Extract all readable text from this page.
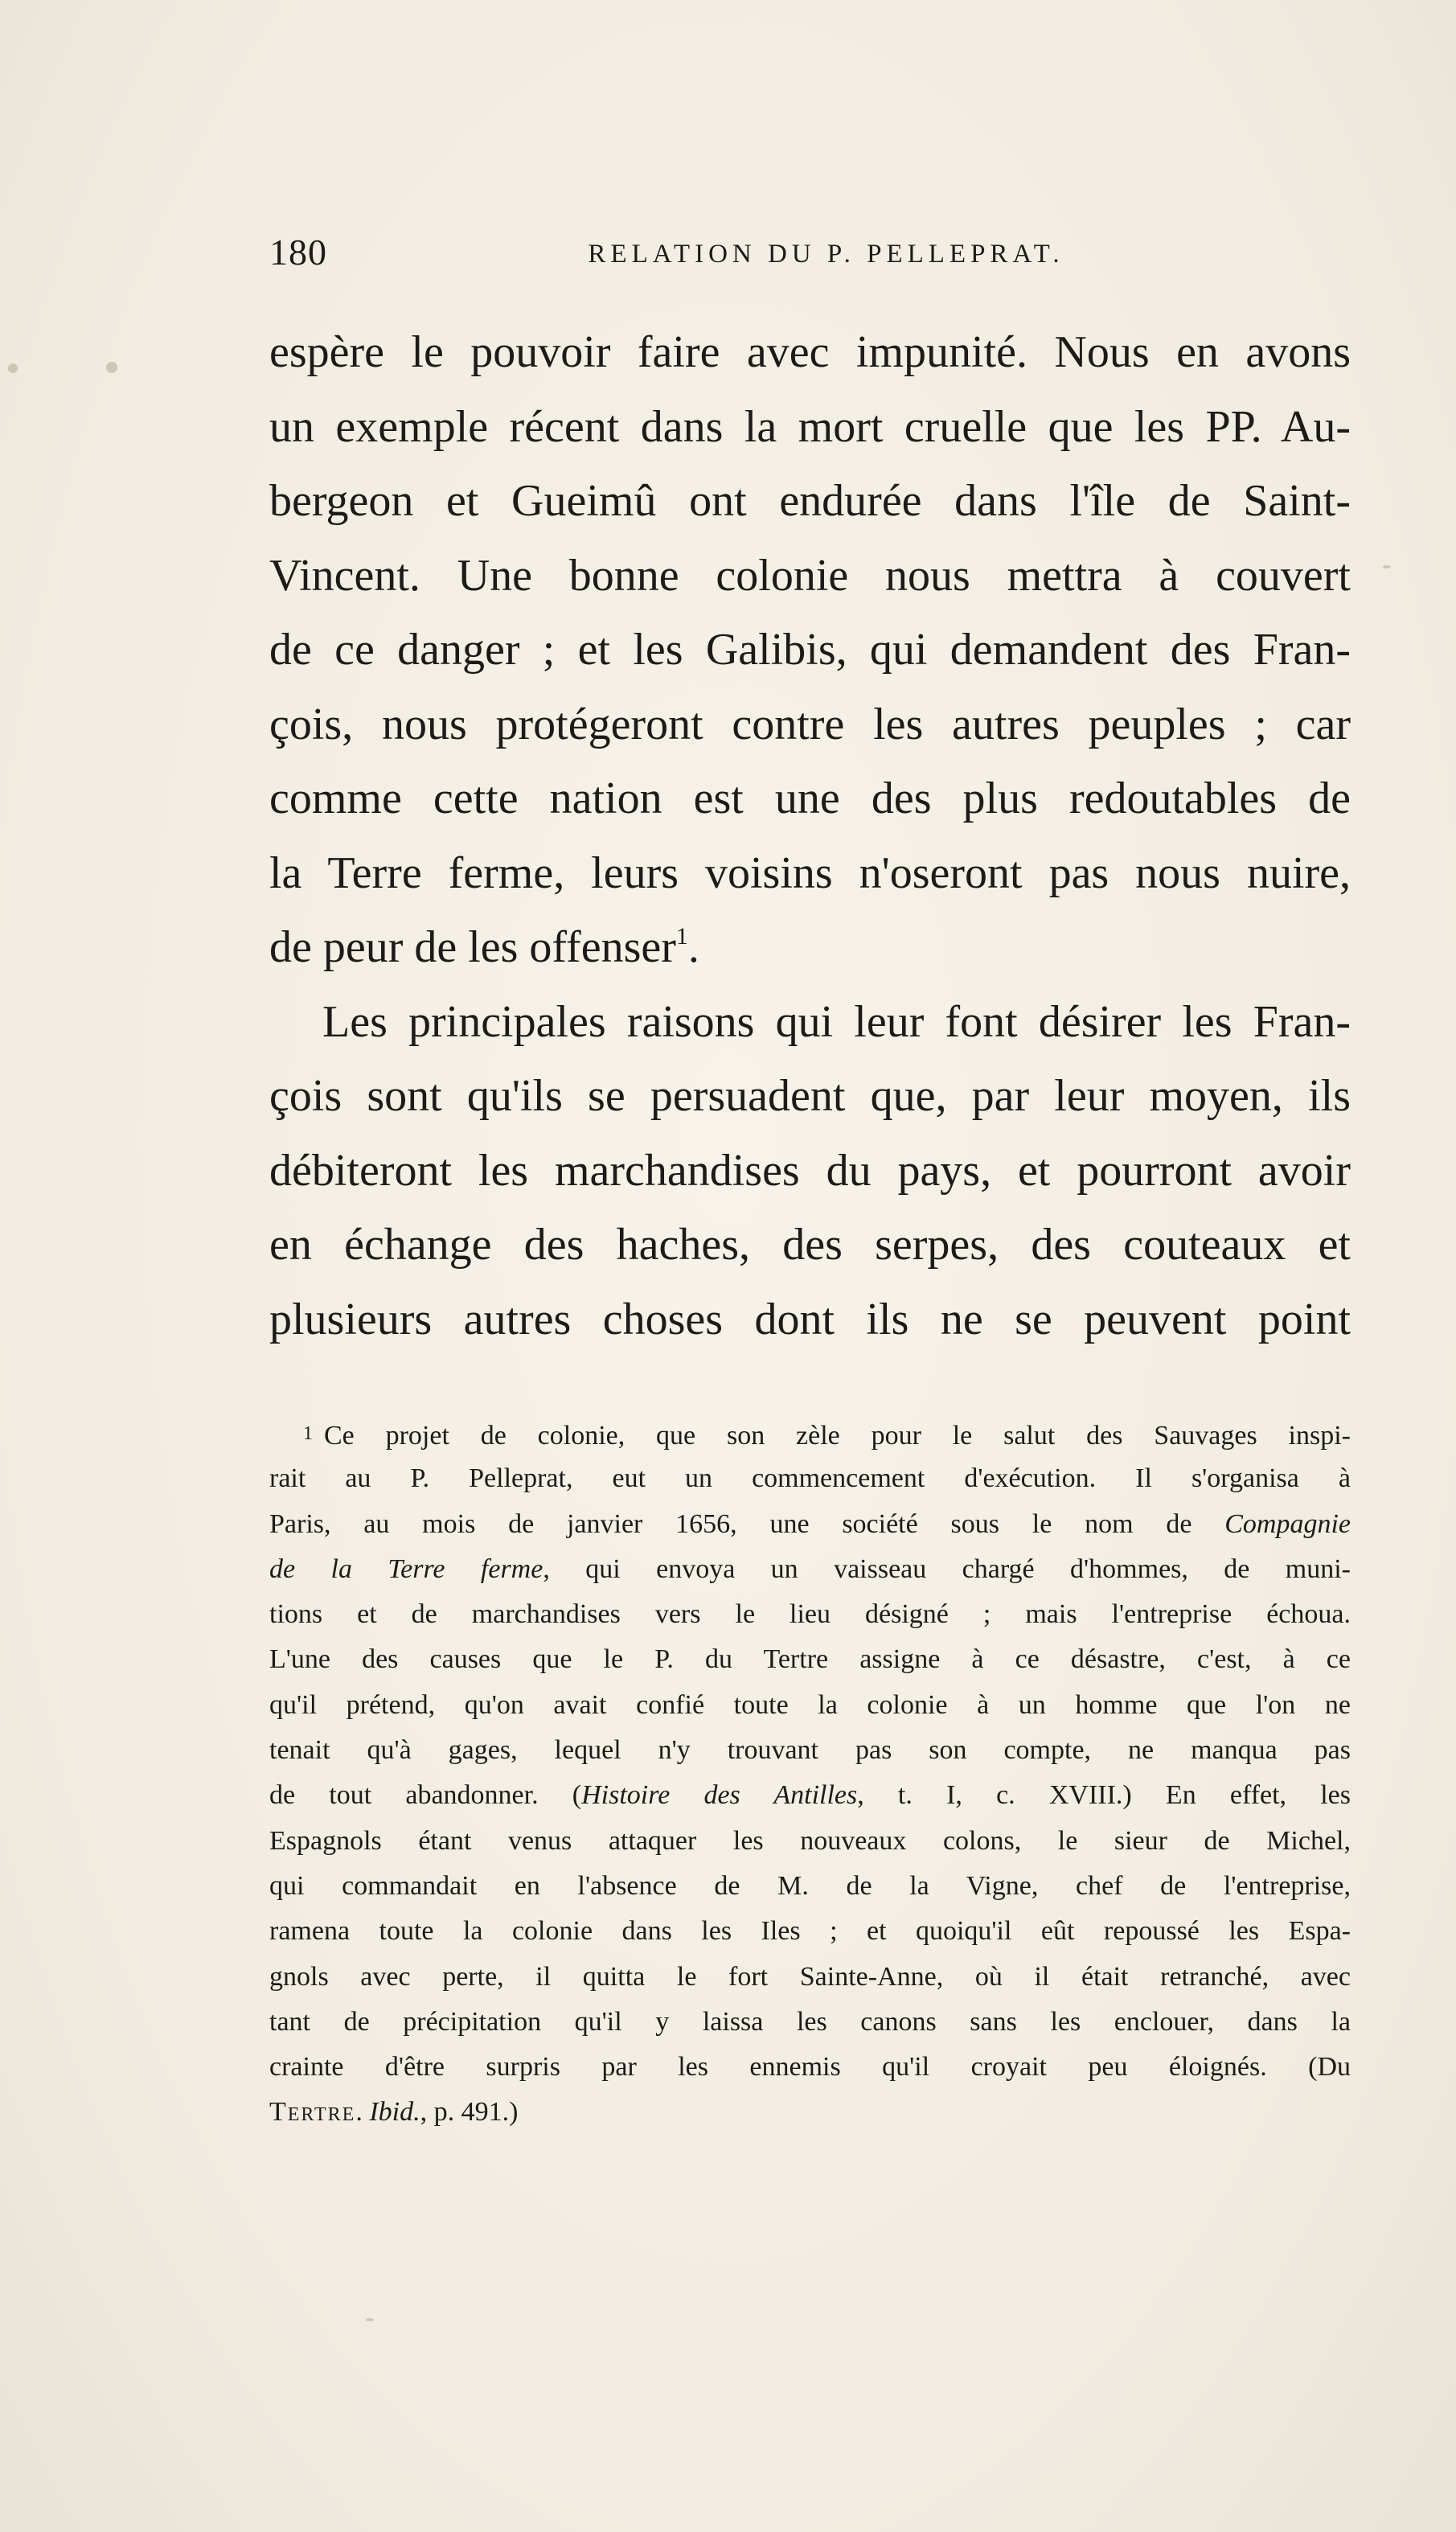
180	RELATION DU P. PELLEPRAT.
espère le pouvoir faire avec impunité. Nous en avons
un exemple récent dans la mort cruelle que les PP. Au-
bergeon et Gueimû ont endurée dans l'île de Saint-
Vincent. Une bonne colonie nous mettra à couvert
de ce danger ; et les Galibis, qui demandent des Fran-
çois, nous protégeront contre les autres peuples ; car
comme cette nation est une des plus redoutables de
la Terre ferme, leurs voisins n'oseront pas nous nuire,
de peur de les offenser$^1$.
Les principales raisons qui leur font désirer les Fran-
çois sont qu'ils se persuadent que, par leur moyen, ils
débiteront les marchandises du pays, et pourront avoir
en échange des haches, des serpes, des couteaux et
plusieurs autres choses dont ils ne se peuvent point
1 Ce projet de colonie, que son zèle pour le salut des Sauvages inspi-
rait au P. Pelleprat, eut un commencement d'exécution. Il s'organisa à
Paris, au mois de janvier 1656, une société sous le nom de Compagnie
de la Terre ferme, qui envoya un vaisseau chargé d'hommes, de muni-
tions et de marchandises vers le lieu désigné ; mais l'entreprise échoua.
L'une des causes que le P. du Tertre assigne à ce désastre, c'est, à ce
qu'il prétend, qu'on avait confié toute la colonie à un homme que l'on ne
tenait qu'à gages, lequel n'y trouvant pas son compte, ne manqua pas
de tout abandonner. (Histoire des Antilles, t. I, c. XVIII.) En effet, les
Espagnols étant venus attaquer les nouveaux colons, le sieur de Michel,
qui commandait en l'absence de M. de la Vigne, chef de l'entreprise,
ramena toute la colonie dans les Iles ; et quoiqu'il eût repoussé les Espa-
gnols avec perte, il quitta le fort Sainte-Anne, où il était retranché, avec
tant de précipitation qu'il y laissa les canons sans les enclouer, dans la
crainte d'être surpris par les ennemis qu'il croyait peu éloignés. (Du
Tertre. Ibid., p. 491.)
